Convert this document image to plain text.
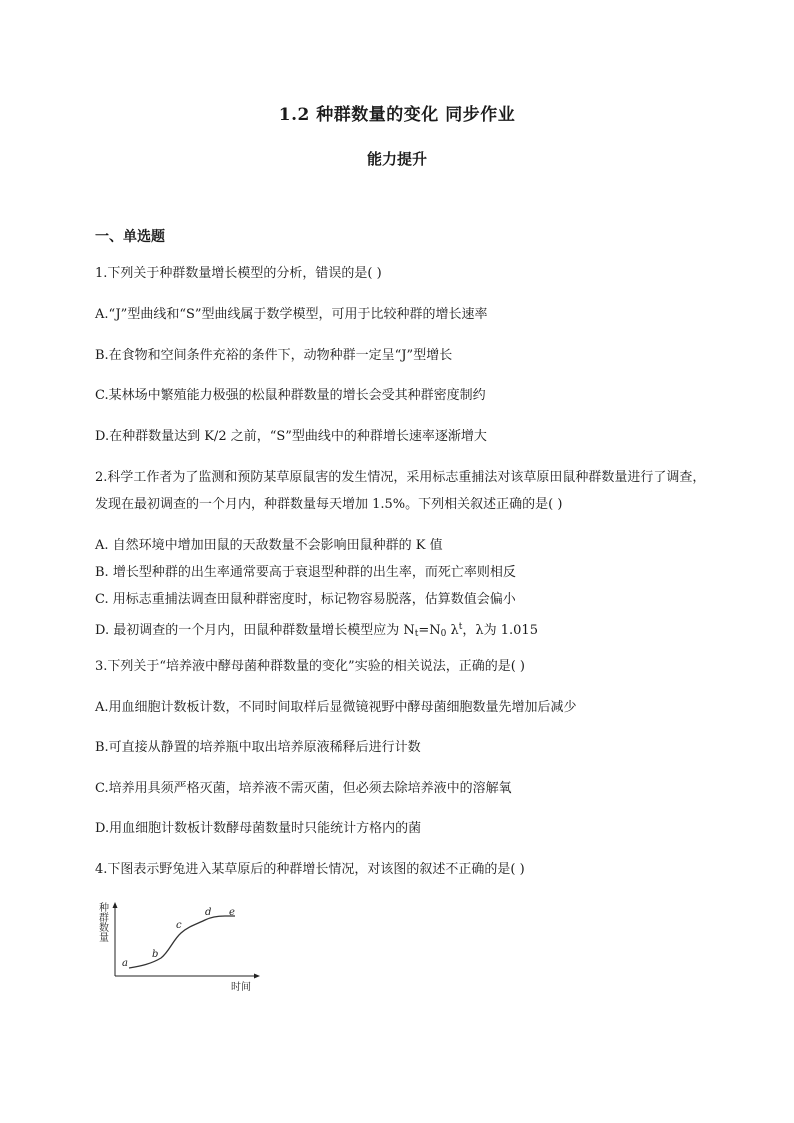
1.2 种群数量的变化 同步作业
能力提升
一、单选题
1.下列关于种群数量增长模型的分析，错误的是( )
A.“J”型曲线和“S”型曲线属于数学模型，可用于比较种群的增长速率
B.在食物和空间条件充裕的条件下，动物种群一定呈“J”型增长
C.某林场中繁殖能力极强的松鼠种群数量的增长会受其种群密度制约
D.在种群数量达到 K/2 之前，“S”型曲线中的种群增长速率逐渐增大
2.科学工作者为了监测和预防某草原鼠害的发生情况，采用标志重捕法对该草原田鼠种群数量进行了调查，发现在最初调查的一个月内，种群数量每天增加 1.5%。下列相关叙述正确的是( )
A. 自然环境中增加田鼠的天敌数量不会影响田鼠种群的 K 值
B. 增长型种群的出生率通常要高于衰退型种群的出生率，而死亡率则相反
C. 用标志重捕法调查田鼠种群密度时，标记物容易脱落，估算数值会偏小
D. 最初调查的一个月内，田鼠种群数量增长模型应为 $N_t=N_0$ $\lambda^t$，λ为 1.015
3.下列关于“培养液中酵母菌种群数量的变化”实验的相关说法，正确的是( )
A.用血细胞计数板计数，不同时间取样后显微镜视野中酵母菌细胞数量先增加后减少
B.可直接从静置的培养瓶中取出培养原液稀释后进行计数
C.培养用具须严格灭菌，培养液不需灭菌，但必须去除培养液中的溶解氧
D.用血细胞计数板计数酵母菌数量时只能统计方格内的菌
4.下图表示野兔进入某草原后的种群增长情况，对该图的叙述不正确的是( )
种群数量
a
b
c
d e
时间
